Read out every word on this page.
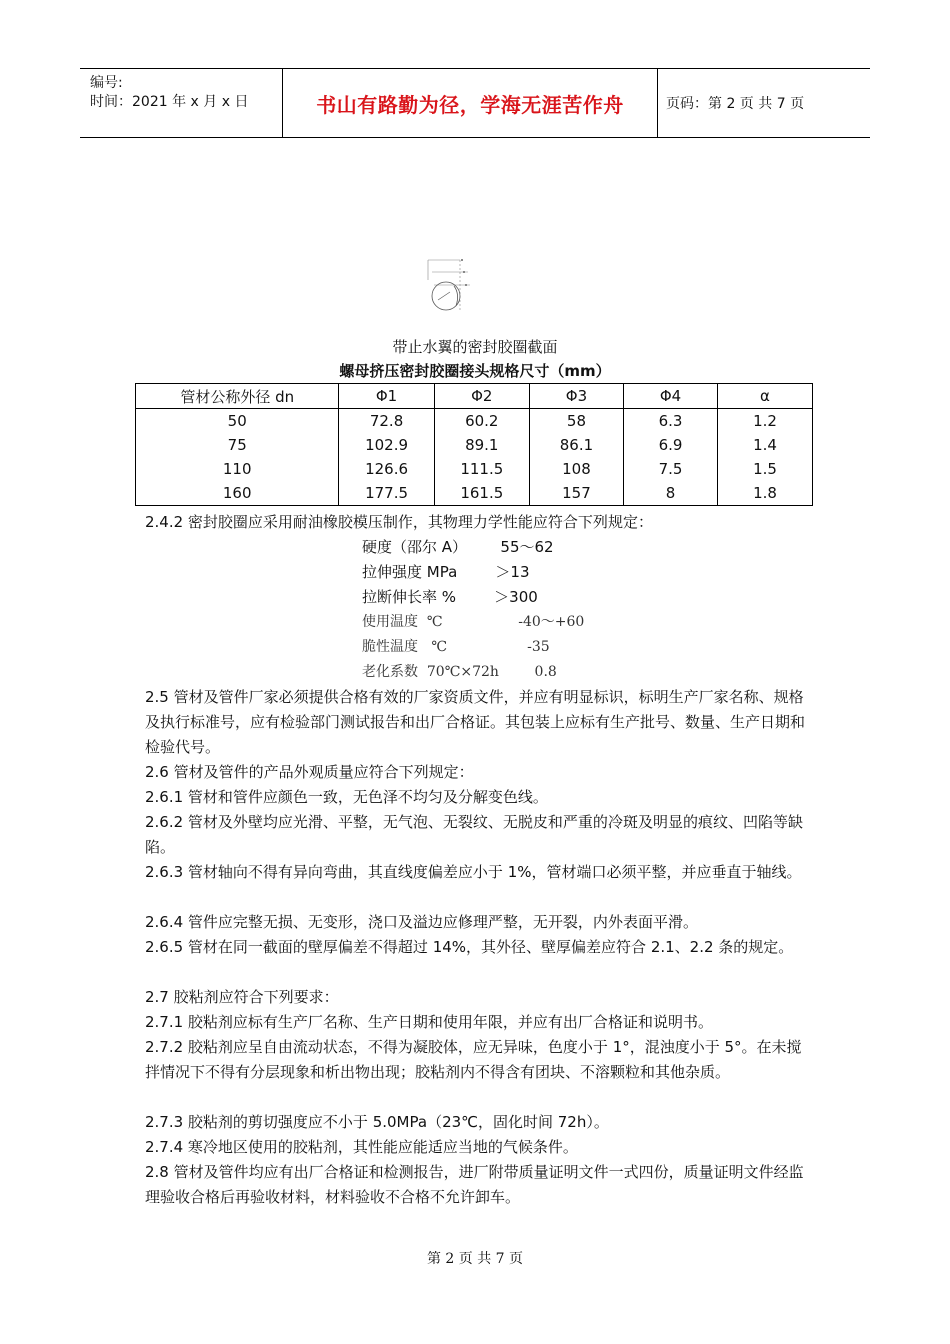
编号:
时间：2021 年 x 月 x 日	书山有路勤为径，学海无涯苦作舟	页码：第 2 页 共 7 页
带止水翼的密封胶圈截面
螺母挤压密封胶圈接头规格尺寸（mm）
管材公称外径 dn	Φ1	Φ2	Φ3	Φ4	α
50	72.8	60.2	58	6.3	1.2
75	102.9	89.1	86.1	6.9	1.4
110	126.6	111.5	108	7.5	1.5
160	177.5	161.5	157	8	1.8
2.4.2 密封胶圈应采用耐油橡胶模压制作，其物理力学性能应符合下列规定：
硬度（邵尔 A）       55～62
拉伸强度 MPa        ＞13
拉断伸长率 %        ＞300
使用温度  ℃                 -40～+60
脆性温度   ℃                  -35
老化系数  70℃×72h        0.8
2.5 管材及管件厂家必须提供合格有效的厂家资质文件，并应有明显标识，标明生产厂家名称、规格及执行标准号，应有检验部门测试报告和出厂合格证。其包装上应标有生产批号、数量、生产日期和检验代号。
2.6 管材及管件的产品外观质量应符合下列规定：
2.6.1 管材和管件应颜色一致，无色泽不均匀及分解变色线。
2.6.2 管材及外壁均应光滑、平整，无气泡、无裂纹、无脱皮和严重的冷斑及明显的痕纹、凹陷等缺陷。
2.6.3 管材轴向不得有异向弯曲，其直线度偏差应小于 1%，管材端口必须平整，并应垂直于轴线。
2.6.4 管件应完整无损、无变形，浇口及溢边应修理严整，无开裂，内外表面平滑。
2.6.5 管材在同一截面的壁厚偏差不得超过 14%，其外径、壁厚偏差应符合 2.1、2.2 条的规定。
2.7 胶粘剂应符合下列要求：
2.7.1 胶粘剂应标有生产厂名称、生产日期和使用年限，并应有出厂合格证和说明书。
2.7.2 胶粘剂应呈自由流动状态，不得为凝胶体，应无异味，色度小于 1°，混浊度小于 5°。在未搅拌情况下不得有分层现象和析出物出现；胶粘剂内不得含有团块、不溶颗粒和其他杂质。
2.7.3 胶粘剂的剪切强度应不小于 5.0MPa（23℃，固化时间 72h）。
2.7.4 寒冷地区使用的胶粘剂，其性能应能适应当地的气候条件。
2.8 管材及管件均应有出厂合格证和检测报告，进厂附带质量证明文件一式四份，质量证明文件经监理验收合格后再验收材料，材料验收不合格不允许卸车。
第 2 页 共 7 页
